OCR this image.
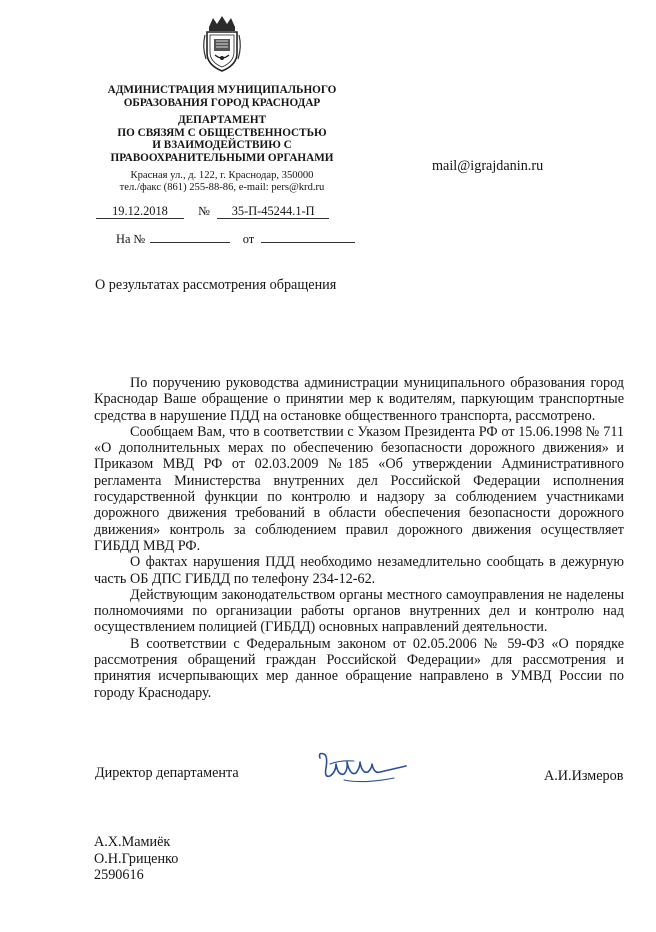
АДМИНИСТРАЦИЯ МУНИЦИПАЛЬНОГО
ОБРАЗОВАНИЯ ГОРОД КРАСНОДАР
ДЕПАРТАМЕНТ
ПО СВЯЗЯМ С ОБЩЕСТВЕННОСТЬЮ
И ВЗАИМОДЕЙСТВИЮ С
ПРАВООХРАНИТЕЛЬНЫМИ ОРГАНАМИ
Красная ул., д. 122, г. Краснодар, 350000
тел./факс (861) 255-88-86, e-mail: pers@krd.ru
19.12.2018 № 35-П-45244.1-П
На №	от
mail@igrajdanin.ru
О результатах рассмотрения обращения

По поручению руководства администрации муниципального образования город Краснодар Ваше обращение о принятии мер к водителям, паркующим транспортные средства в нарушение ПДД на остановке общественного транспорта, рассмотрено.

Сообщаем Вам, что в соответствии с Указом Президента РФ от 15.06.1998 № 711 «О дополнительных мерах по обеспечению безопасности дорожного движения» и Приказом МВД РФ от 02.03.2009 №185 «Об утверждении Административного регламента Министерства внутренних дел Российской Федерации исполнения государственной функции по контролю и надзору за соблюдением участниками дорожного движения требований в области обеспечения безопасности дорожного движения» контроль за соблюдением правил дорожного движения осуществляет ГИБДД МВД РФ.

О фактах нарушения ПДД необходимо незамедлительно сообщать в дежурную часть ОБ ДПС ГИБДД по телефону 234-12-62.

Действующим законодательством органы местного самоуправления не наделены полномочиями по организации работы органов внутренних дел и контролю над осуществлением полицией (ГИБДД) основных направлений деятельности.

В соответствии с Федеральным законом от 02.05.2006 № 59-ФЗ «О порядке рассмотрения обращений граждан Российской Федерации» для рассмотрения и принятия исчерпывающих мер данное обращение направлено в УМВД России по городу Краснодару.

Директор департамента	А.И.Измеров
А.Х.Мамиёк
О.Н.Гриценко
2590616
